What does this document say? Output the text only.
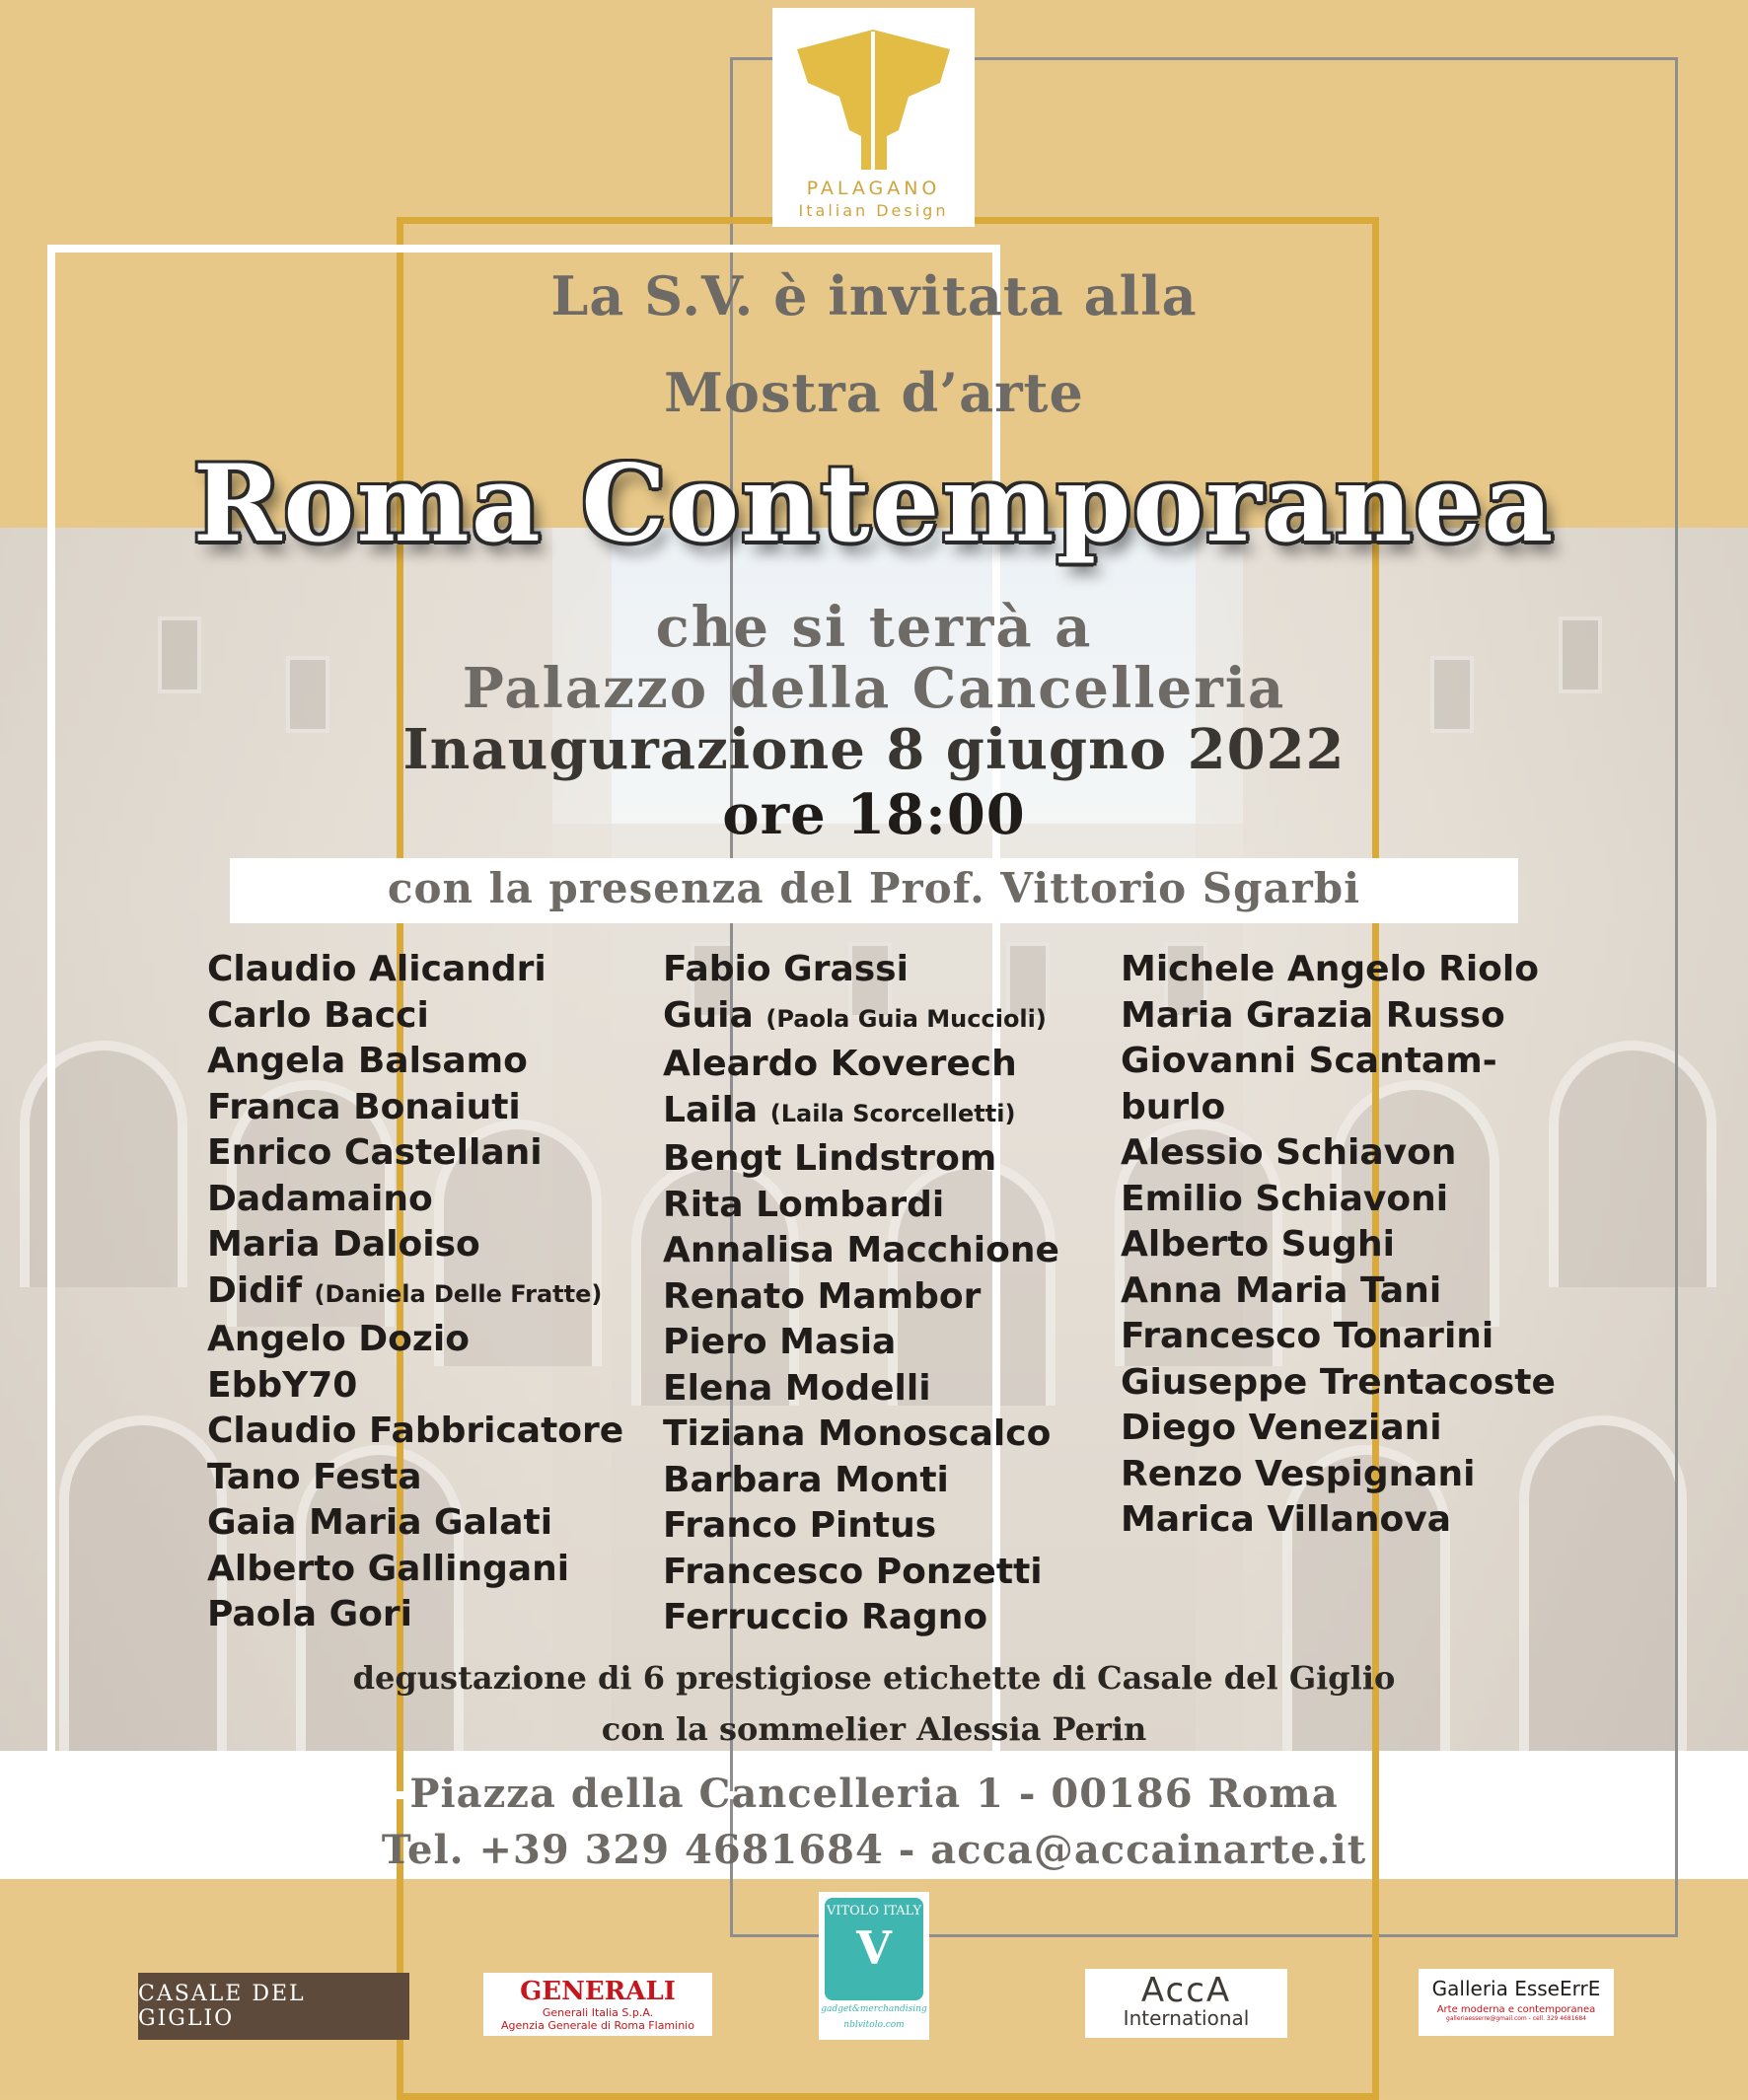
PALAGANO
Italian Design
La S.V. è invitata alla
Mostra d’arte
Roma Contemporanea
che si terrà a
Palazzo della Cancelleria
Inaugurazione 8 giugno 2022
ore 18:00
con la presenza del Prof. Vittorio Sgarbi
Claudio Alicandri
Carlo Bacci
Angela Balsamo
Franca Bonaiuti
Enrico Castellani
Dadamaino
Maria Daloiso
Didif (Daniela Delle Fratte)
Angelo Dozio
EbbY70
Claudio Fabbricatore
Tano Festa
Gaia Maria Galati
Alberto Gallingani
Paola Gori
Fabio Grassi
Guia (Paola Guia Muccioli)
Aleardo Koverech
Laila (Laila Scorcelletti)
Bengt Lindstrom
Rita Lombardi
Annalisa Macchione
Renato Mambor
Piero Masia
Elena Modelli
Tiziana Monoscalco
Barbara Monti
Franco Pintus
Francesco Ponzetti
Ferruccio Ragno
Michele Angelo Riolo
Maria Grazia Russo
Giovanni Scantam-
burlo
Alessio Schiavon
Emilio Schiavoni
Alberto Sughi
Anna Maria Tani
Francesco Tonarini
Giuseppe Trentacoste
Diego Veneziani
Renzo Vespignani
Marica Villanova
degustazione di 6 prestigiose etichette di Casale del Giglio
con la sommelier Alessia Perin
Piazza della Cancelleria 1 - 00186 Roma
Tel. +39 329 4681684 - acca@accainarte.it
CASALE DEL GIGLIO
GENERALI
Generali Italia S.p.A.
Agenzia Generale di Roma Flaminio
VITOLO ITALY
V
gadget&merchandising
nblvitolo.com
AccA
International
Galleria EsseErrE
Arte moderna e contemporanea
galleriaesserre@gmail.com - cell. 329 4681684
